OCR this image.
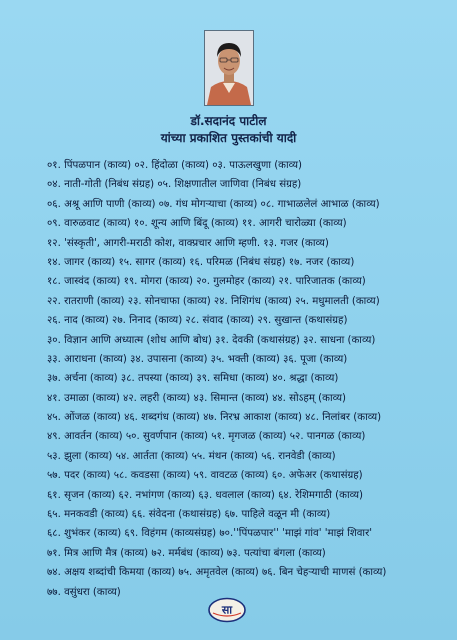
डॉ.सदानंद पाटील
यांच्या प्रकाशित पुस्तकांची यादी
०१. पिंपळपान (काव्य) ०२. हिंदोळा (काव्य) ०३. पाऊलखुणा (काव्य)
०४. नाती-गोती (निबंध संग्रह) ०५. शिक्षणातील जाणिवा (निबंध संग्रह)
०६. अश्रू आणि पाणी (काव्य) ०७. गंध मोगऱ्याचा (काव्य) ०८. गाभाळलेलं आभाळ (काव्य)
०९. वारुळवाट (काव्य) १०. शून्य आणि बिंदू (काव्य) ११. आगरी चारोळ्या (काव्य)
१२. 'संस्कृती', आगरी-मराठी कोश, वाक्प्रचार आणि म्हणी. १३. गजर (काव्य)
१४. जागर (काव्य) १५. सागर (काव्य) १६. परिमळ (निबंध संग्रह) १७. नजर (काव्य)
१८. जास्वंद (काव्य) १९. मोगरा (काव्य) २०. गुलमोहर (काव्य) २१. पारिजातक (काव्य)
२२. रातराणी (काव्य) २३. सोनचाफा (काव्य) २४. निशिगंध (काव्य) २५. मधुमालती (काव्य)
२६. नाद (काव्य) २७. निनाद (काव्य) २८. संवाद (काव्य) २९. सुखान्त (कथासंग्रह)
३०. विज्ञान आणि अध्यात्म (शोध आणि बोध) ३१. देवकी (कथासंग्रह) ३२. साधना (काव्य)
३३. आराधना (काव्य) ३४. उपासना (काव्य) ३५. भक्ती (काव्य) ३६. पूजा (काव्य)
३७. अर्चना (काव्य) ३८. तपस्या (काव्य) ३९. समिधा (काव्य) ४०. श्रद्धा (काव्य)
४१. उमाळा (काव्य) ४२. लहरी (काव्य) ४३. सिमान्त (काव्य) ४४. सोऽहम् (काव्य)
४५. ओंजळ (काव्य) ४६. शब्दगंध (काव्य) ४७. निरभ्र आकाश (काव्य) ४८. निलांबर (काव्य)
४९. आवर्तन (काव्य) ५०. सुवर्णपान (काव्य) ५१. मृगजळ (काव्य) ५२. पानगळ (काव्य)
५३. झुला (काव्य) ५४. आर्तता (काव्य) ५५. मंथन (काव्य) ५६. रानवेडी (काव्य)
५७. पदर (काव्य) ५८. कवडसा (काव्य) ५९. वावटळ (काव्य) ६०. अफेअर (कथासंग्रह)
६१. सृजन (काव्य) ६२. नभांगण (काव्य) ६३. धवलाल (काव्य) ६४. रेशिमगाठी (काव्य)
६५. मनकवडी (काव्य) ६६. संवेदना (कथासंग्रह) ६७. पाहिले वळून मी (काव्य)
६८. शुभंकर (काव्य) ६९. विहंगम (काव्यसंग्रह) ७०.''पिंपळपार'' 'माझं गांव' 'माझं शिवार'
७१. मित्र आणि मैत्र (काव्य) ७२. मर्मबंध (काव्य) ७३. पत्यांचा बंगला (काव्य)
७४. अक्षय शब्दांची किमया (काव्य) ७५. अमृतवेल (काव्य) ७६. बिन चेहऱ्याची माणसं (काव्य)
७७. वसुंधरा (काव्य)
सा
